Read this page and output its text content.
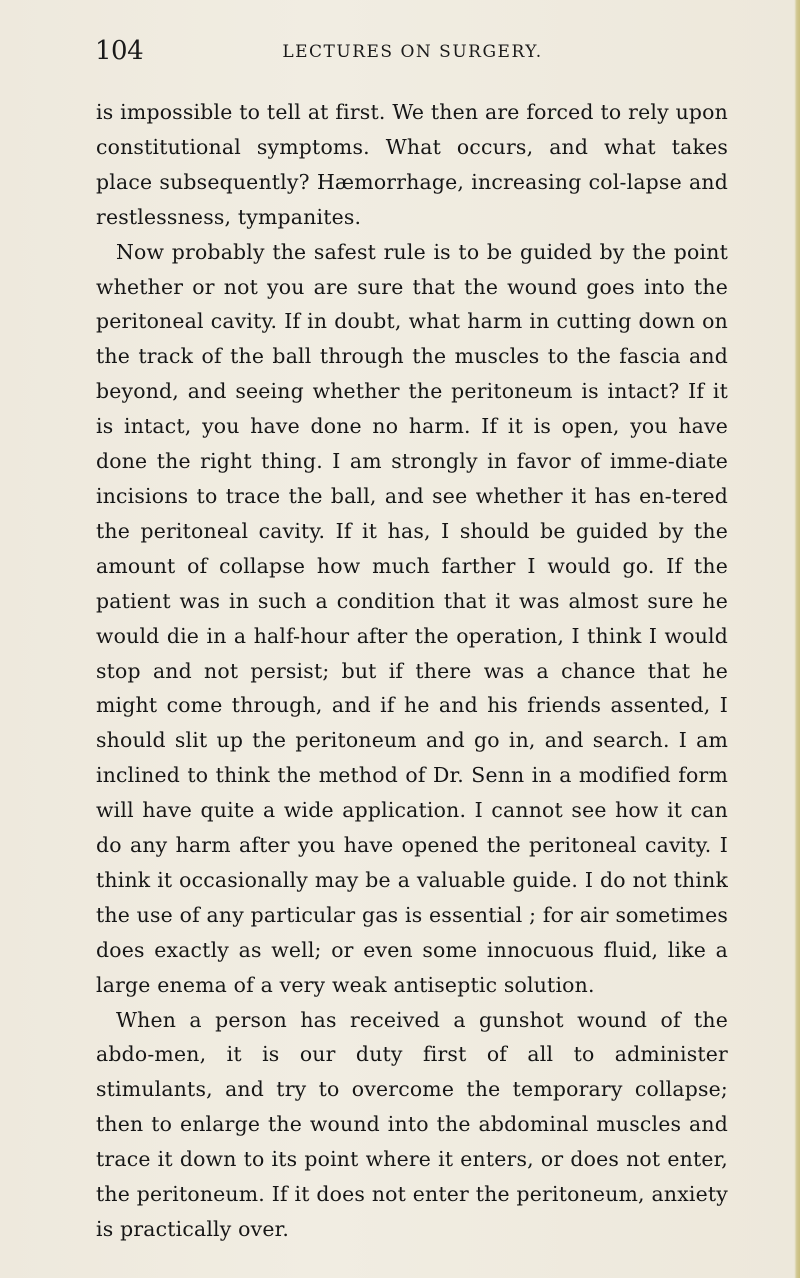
104	LECTURES ON SURGERY.

is impossible to tell at first. We then are forced to rely upon constitutional symptoms. What occurs, and what takes place subsequently? Hæmorrhage, increasing col-lapse and restlessness, tympanites.

Now probably the safest rule is to be guided by the point whether or not you are sure that the wound goes into the peritoneal cavity. If in doubt, what harm in cutting down on the track of the ball through the muscles to the fascia and beyond, and seeing whether the peritoneum is intact? If it is intact, you have done no harm. If it is open, you have done the right thing. I am strongly in favor of imme-diate incisions to trace the ball, and see whether it has en-tered the peritoneal cavity. If it has, I should be guided by the amount of collapse how much farther I would go. If the patient was in such a condition that it was almost sure he would die in a half-hour after the operation, I think I would stop and not persist; but if there was a chance that he might come through, and if he and his friends assented, I should slit up the peritoneum and go in, and search. I am inclined to think the method of Dr. Senn in a modified form will have quite a wide application. I cannot see how it can do any harm after you have opened the peritoneal cavity. I think it occasionally may be a valuable guide. I do not think the use of any particular gas is essential ; for air sometimes does exactly as well; or even some innocuous fluid, like a large enema of a very weak antiseptic solution.

When a person has received a gunshot wound of the abdo-men, it is our duty first of all to administer stimulants, and try to overcome the temporary collapse; then to enlarge the wound into the abdominal muscles and trace it down to its point where it enters, or does not enter, the peritoneum. If it does not enter the peritoneum, anxiety is practically over.
